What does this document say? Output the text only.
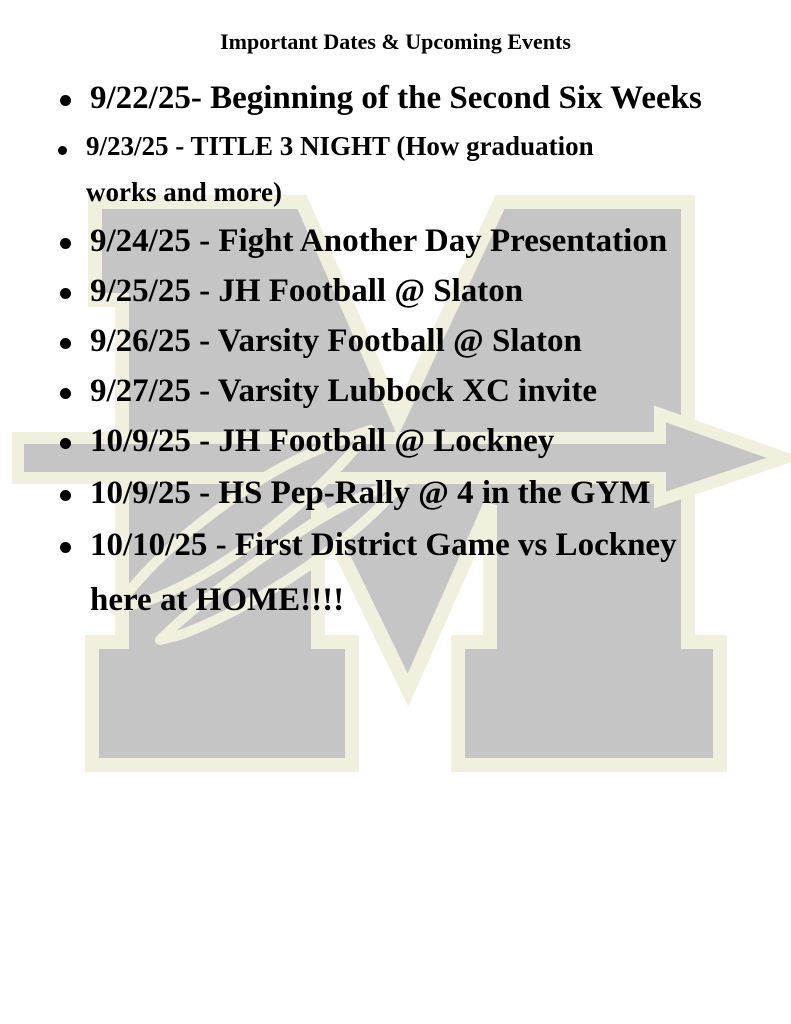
Important Dates & Upcoming Events

9/22/25- Beginning of the Second Six Weeks

9/23/25 - TITLE 3 NIGHT (How graduation

works and more)

9/24/25 - Fight Another Day Presentation

9/25/25 - JH Football @ Slaton

9/26/25 - Varsity Football @ Slaton

9/27/25 - Varsity Lubbock XC invite

10/9/25 - JH Football @ Lockney

10/9/25 - HS Pep-Rally @ 4 in the GYM

10/10/25 - First District Game vs Lockney

here at HOME!!!!
